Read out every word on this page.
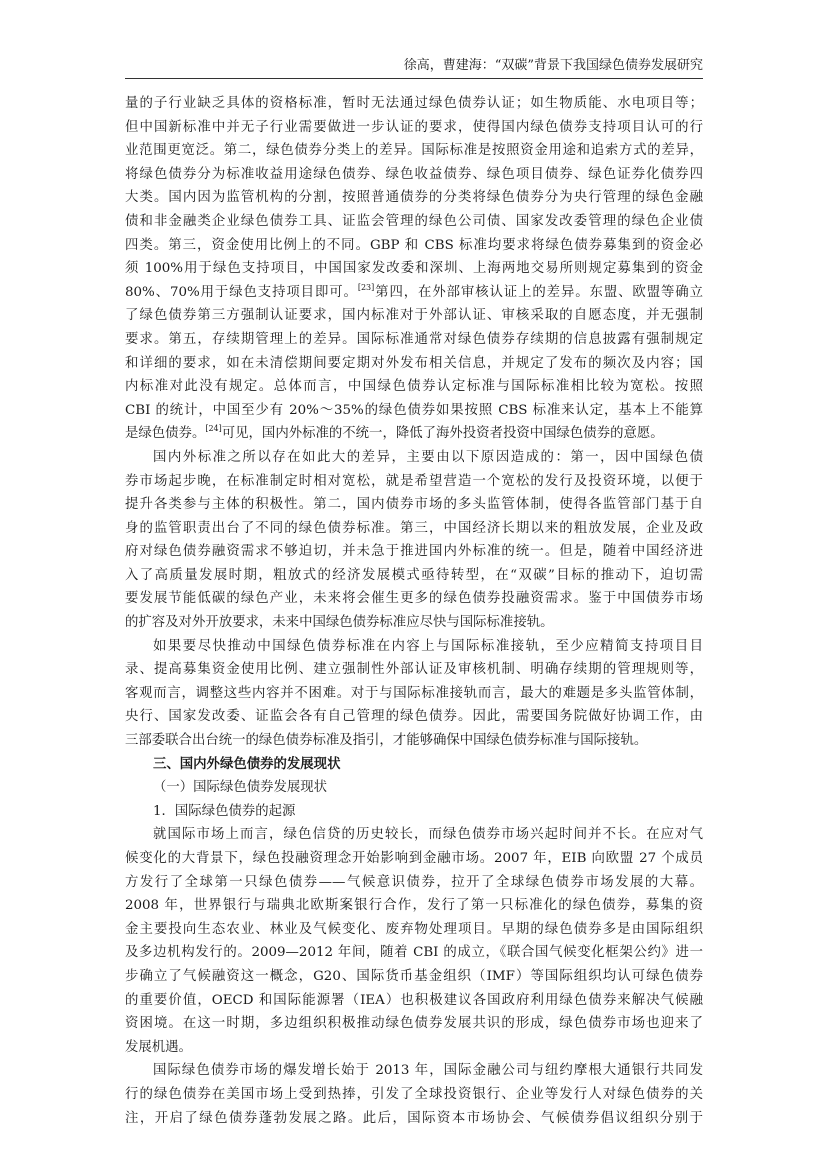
徐高，曹建海：“双碳”背景下我国绿色债券发展研究
量的子行业缺乏具体的资格标准，暂时无法通过绿色债券认证；如生物质能、水电项目等；
但中国新标准中并无子行业需要做进一步认证的要求，使得国内绿色债券支持项目认可的行
业范围更宽泛。第二，绿色债券分类上的差异。国际标准是按照资金用途和追索方式的差异，
将绿色债券分为标准收益用途绿色债券、绿色收益债券、绿色项目债券、绿色证券化债券四
大类。国内因为监管机构的分割，按照普通债券的分类将绿色债券分为央行管理的绿色金融
债和非金融类企业绿色债券工具、证监会管理的绿色公司债、国家发改委管理的绿色企业债
四类。第三，资金使用比例上的不同。GBP 和 CBS 标准均要求将绿色债券募集到的资金必
须 100%用于绿色支持项目，中国国家发改委和深圳、上海两地交易所则规定募集到的资金
80%、70%用于绿色支持项目即可。[23]第四，在外部审核认证上的差异。东盟、欧盟等确立
了绿色债券第三方强制认证要求，国内标准对于外部认证、审核采取的自愿态度，并无强制
要求。第五，存续期管理上的差异。国际标准通常对绿色债券存续期的信息披露有强制规定
和详细的要求，如在未清偿期间要定期对外发布相关信息，并规定了发布的频次及内容；国
内标准对此没有规定。总体而言，中国绿色债券认定标准与国际标准相比较为宽松。按照
CBI 的统计，中国至少有 20%～35%的绿色债券如果按照 CBS 标准来认定，基本上不能算
是绿色债券。[24]可见，国内外标准的不统一，降低了海外投资者投资中国绿色债券的意愿。
国内外标准之所以存在如此大的差异，主要由以下原因造成的：第一，因中国绿色债
券市场起步晚，在标准制定时相对宽松，就是希望营造一个宽松的发行及投资环境，以便于
提升各类参与主体的积极性。第二，国内债券市场的多头监管体制，使得各监管部门基于自
身的监管职责出台了不同的绿色债券标准。第三，中国经济长期以来的粗放发展，企业及政
府对绿色债券融资需求不够迫切，并未急于推进国内外标准的统一。但是，随着中国经济进
入了高质量发展时期，粗放式的经济发展模式亟待转型，在“双碳”目标的推动下，迫切需
要发展节能低碳的绿色产业，未来将会催生更多的绿色债券投融资需求。鉴于中国债券市场
的扩容及对外开放要求，未来中国绿色债券标准应尽快与国际标准接轨。
如果要尽快推动中国绿色债券标准在内容上与国际标准接轨，至少应精简支持项目目
录、提高募集资金使用比例、建立强制性外部认证及审核机制、明确存续期的管理规则等，
客观而言，调整这些内容并不困难。对于与国际标准接轨而言，最大的难题是多头监管体制，
央行、国家发改委、证监会各有自己管理的绿色债券。因此，需要国务院做好协调工作，由
三部委联合出台统一的绿色债券标准及指引，才能够确保中国绿色债券标准与国际接轨。
三、国内外绿色债券的发展现状
（一）国际绿色债券发展现状
1．国际绿色债券的起源
就国际市场上而言，绿色信贷的历史较长，而绿色债券市场兴起时间并不长。在应对气
候变化的大背景下，绿色投融资理念开始影响到金融市场。2007 年，EIB 向欧盟 27 个成员
方发行了全球第一只绿色债券——气候意识债券，拉开了全球绿色债券市场发展的大幕。
2008 年，世界银行与瑞典北欧斯案银行合作，发行了第一只标准化的绿色债券，募集的资
金主要投向生态农业、林业及气候变化、废弃物处理项目。早期的绿色债券多是由国际组织
及多边机构发行的。2009—2012 年间，随着 CBI 的成立，《联合国气候变化框架公约》进一
步确立了气候融资这一概念，G20、国际货币基金组织（IMF）等国际组织均认可绿色债券
的重要价值，OECD 和国际能源署（IEA）也积极建议各国政府利用绿色债券来解决气候融
资困境。在这一时期，多边组织积极推动绿色债券发展共识的形成，绿色债券市场也迎来了
发展机遇。
国际绿色债券市场的爆发增长始于 2013 年，国际金融公司与纽约摩根大通银行共同发
行的绿色债券在美国市场上受到热捧，引发了全球投资银行、企业等发行人对绿色债券的关
注，开启了绿色债券蓬勃发展之路。此后，国际资本市场协会、气候债券倡议组织分别于
